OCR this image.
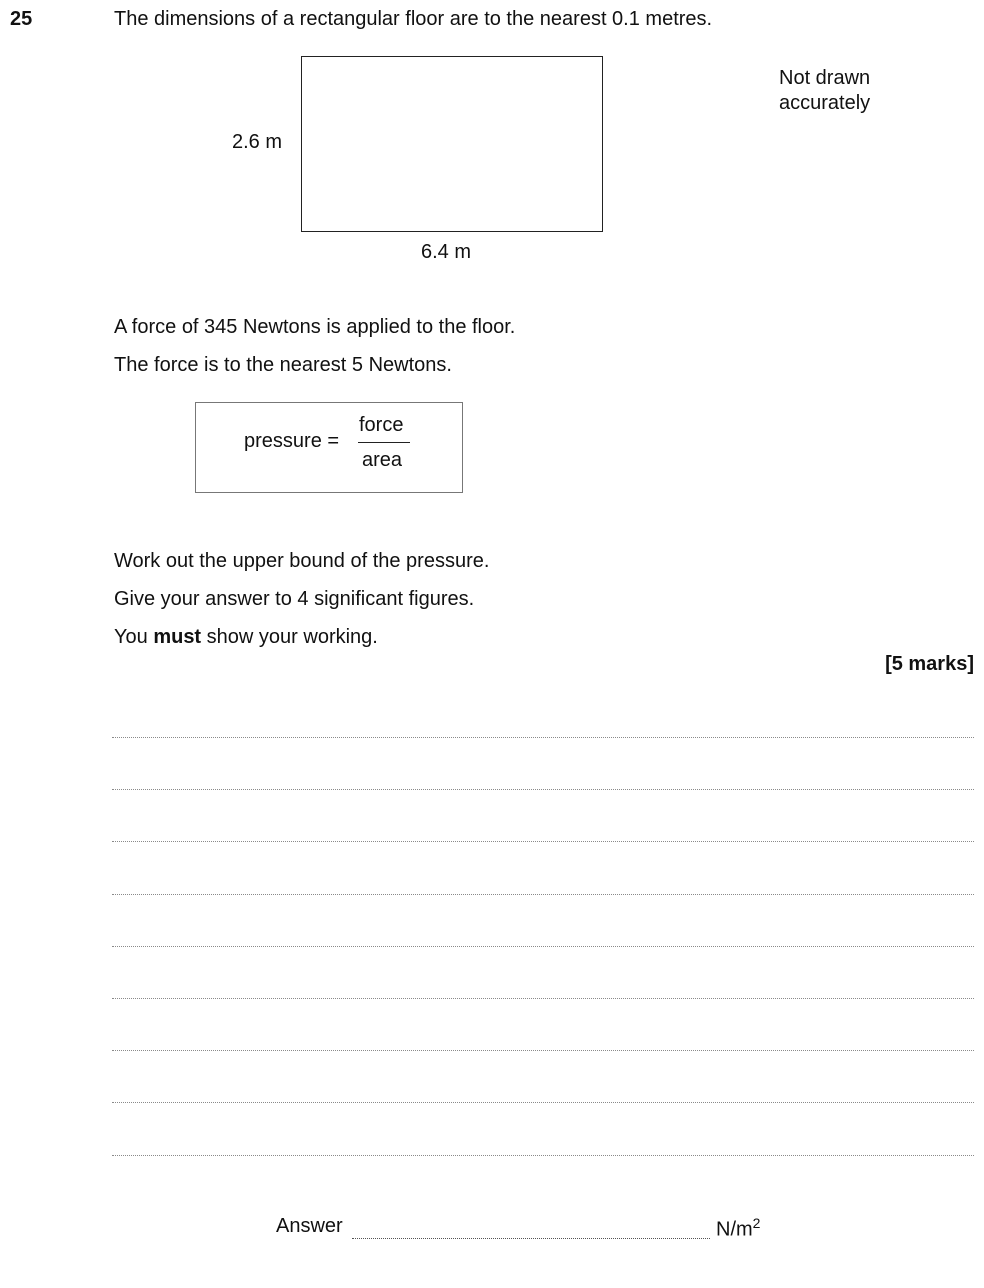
25	The dimensions of a rectangular floor are to the nearest 0.1 metres.
2.6 m
6.4 m
Not drawn
accurately
A force of 345 Newtons is applied to the floor.
The force is to the nearest 5 Newtons.
pressure =
force
area
Work out the upper bound of the pressure.
Give your answer to 4 significant figures.
You must show your working.
[5 marks]
Answer	$N/m^2$
